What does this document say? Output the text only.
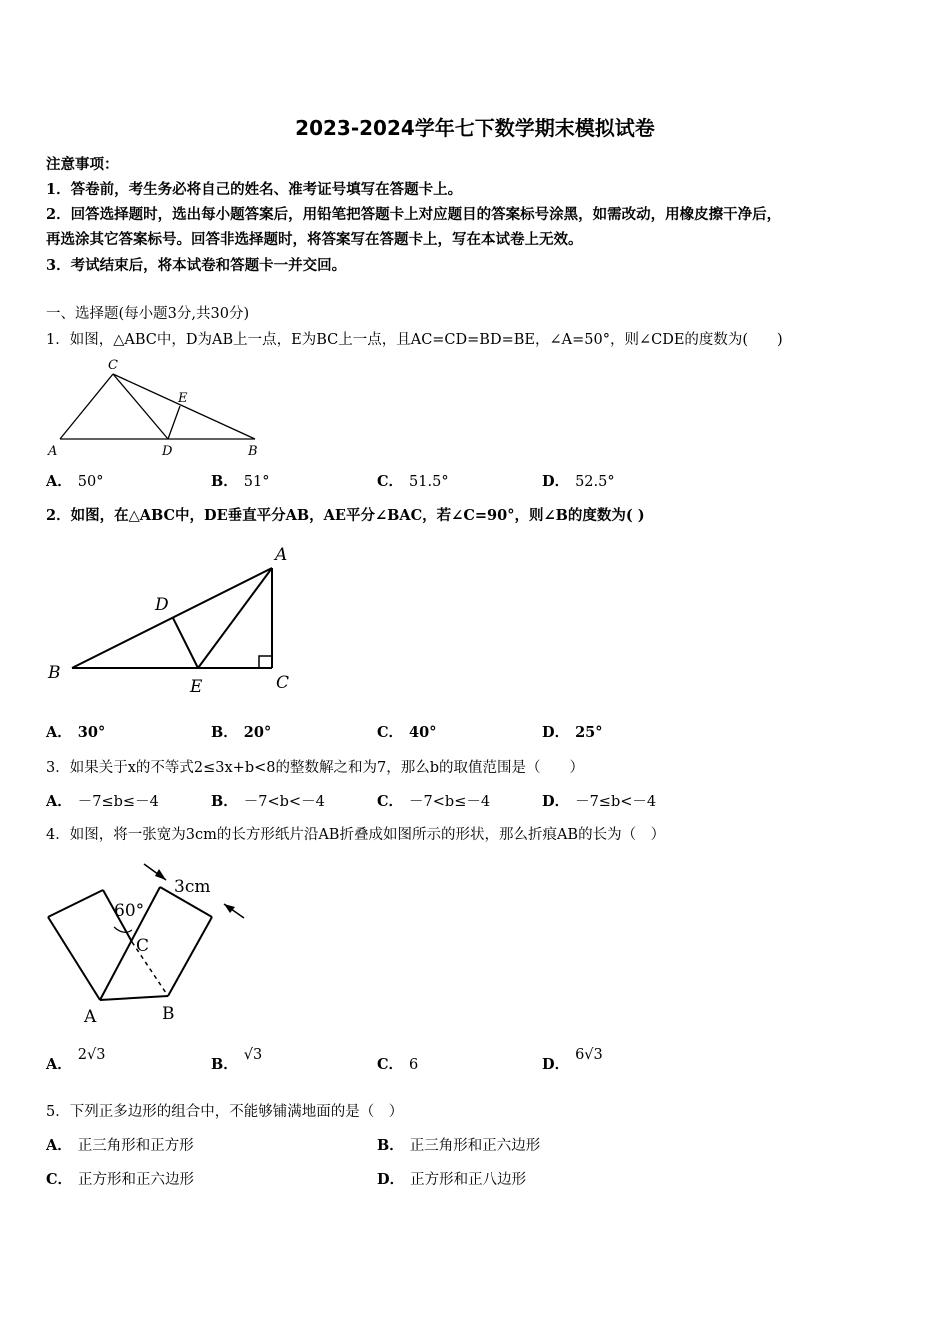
2023-2024学年七下数学期末模拟试卷
注意事项：
1．答卷前，考生务必将自己的姓名、准考证号填写在答题卡上。
2．回答选择题时，选出每小题答案后，用铅笔把答题卡上对应题目的答案标号涂黑，如需改动，用橡皮擦干净后，
再选涂其它答案标号。回答非选择题时，将答案写在答题卡上，写在本试卷上无效。
3．考试结束后，将本试卷和答题卡一并交回。
一、选择题(每小题3分,共30分)
1．如图，△ABC中，D为AB上一点，E为BC上一点，且AC=CD=BD=BE，∠A=50°，则∠CDE的度数为(　　)
C
E
A	D	B
A． 50°	B． 51°	C． 51.5°	D． 52.5°
2．如图，在△ABC中，DE垂直平分AB，AE平分∠BAC，若∠C=90°，则∠B的度数为( )
A
D
B
E	C
A． 30°	B． 20°	C． 40°	D． 25°
3．如果关于x的不等式2≤3x+b<8的整数解之和为7，那么b的取值范围是（　　）
A． －7≤b≤－4	B． －7<b<－4	C． －7<b≤－4	D． －7≤b<－4
4．如图，将一张宽为3cm的长方形纸片沿AB折叠成如图所示的形状，那么折痕AB的长为（　）
3cm
60°
C
A	B
A．2√3
B．√3
C． 6	D．6√3
5．下列正多边形的组合中，不能够铺满地面的是（　）
A． 正三角形和正方形	B． 正三角形和正六边形
C． 正方形和正六边形	D． 正方形和正八边形
